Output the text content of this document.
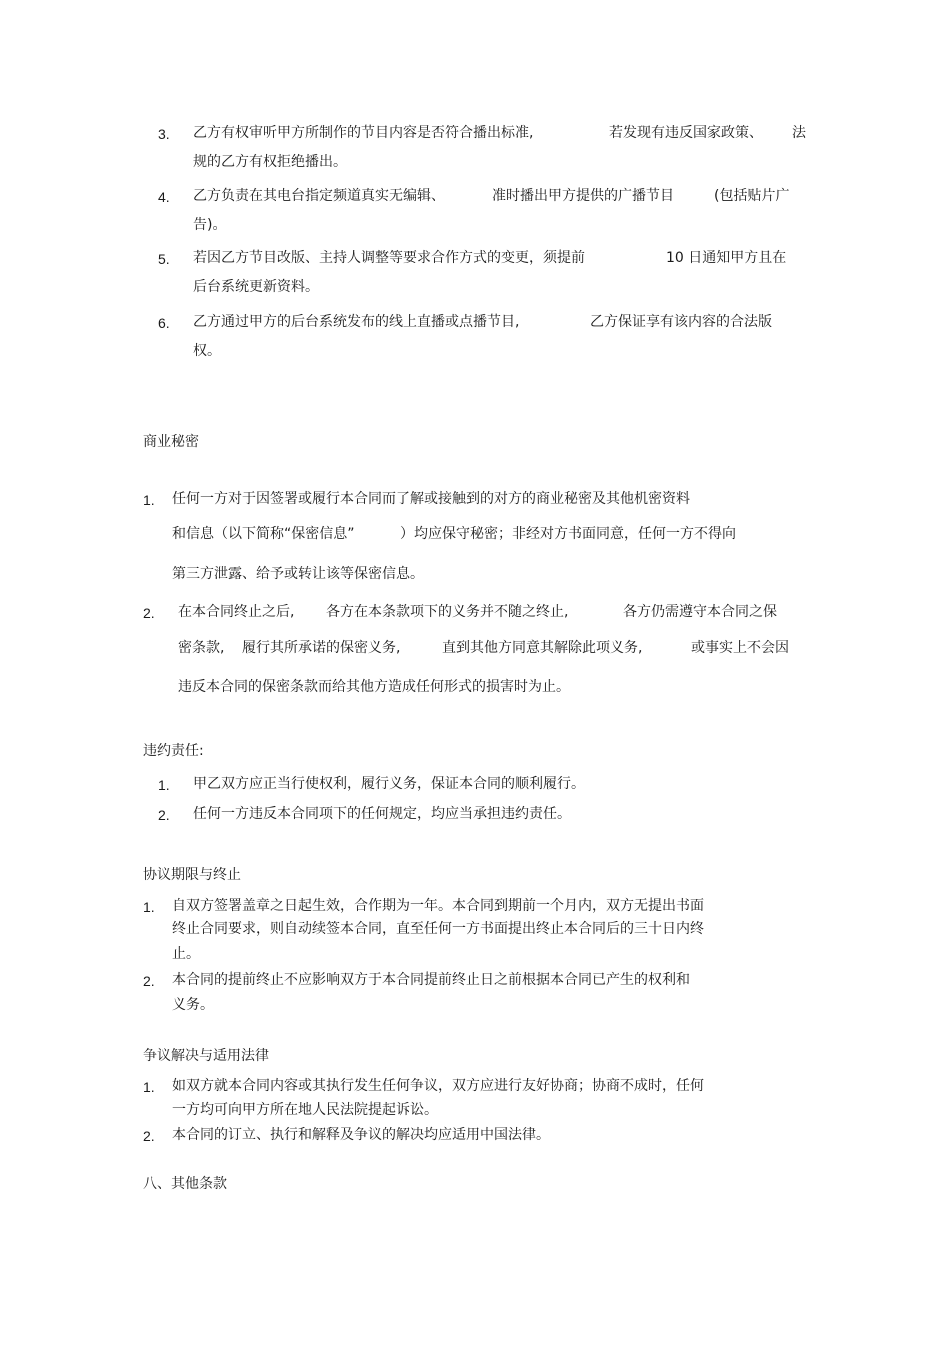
3. 乙方有权审听甲方所制作的节目内容是否符合播出标准,	若发现有违反国家政策、 法
规的乙方有权拒绝播出。
4. 乙方负责在其电台指定频道真实无编辑、	准时播出甲方提供的广播节目	(包括贴片广
告)。
5. 若因乙方节目改版、主持人调整等要求合作方式的变更，须提前	10 日通知甲方且在
后台系统更新资料。
6. 乙方通过甲方的后台系统发布的线上直播或点播节目,	乙方保证享有该内容的合法版
权。
商业秘密
1. 任何一方对于因签署或履行本合同而了解或接触到的对方的商业秘密及其他机密资料
和信息（以下简称“保密信息”	）均应保守秘密；非经对方书面同意，任何一方不得向
第三方泄露、给予或转让该等保密信息。
2. 在本合同终止之后, 各方在本条款项下的义务并不随之终止,	各方仍需遵守本合同之保
密条款, 履行其所承诺的保密义务,	直到其他方同意其解除此项义务,	或事实上不会因
违反本合同的保密条款而给其他方造成任何形式的损害时为止。
违约责任:
1. 甲乙双方应正当行使权利，履行义务，保证本合同的顺利履行。
2. 任何一方违反本合同项下的任何规定，均应当承担违约责任。
协议期限与终止
1. 自双方签署盖章之日起生效，合作期为一年。本合同到期前一个月内，双方无提出书面
终止合同要求，则自动续签本合同，直至任何一方书面提出终止本合同后的三十日内终
止。
2. 本合同的提前终止不应影响双方于本合同提前终止日之前根据本合同已产生的权利和
义务。
争议解决与适用法律
1. 如双方就本合同内容或其执行发生任何争议，双方应进行友好协商；协商不成时，任何
一方均可向甲方所在地人民法院提起诉讼。
2. 本合同的订立、执行和解释及争议的解决均应适用中国法律。
八、其他条款
